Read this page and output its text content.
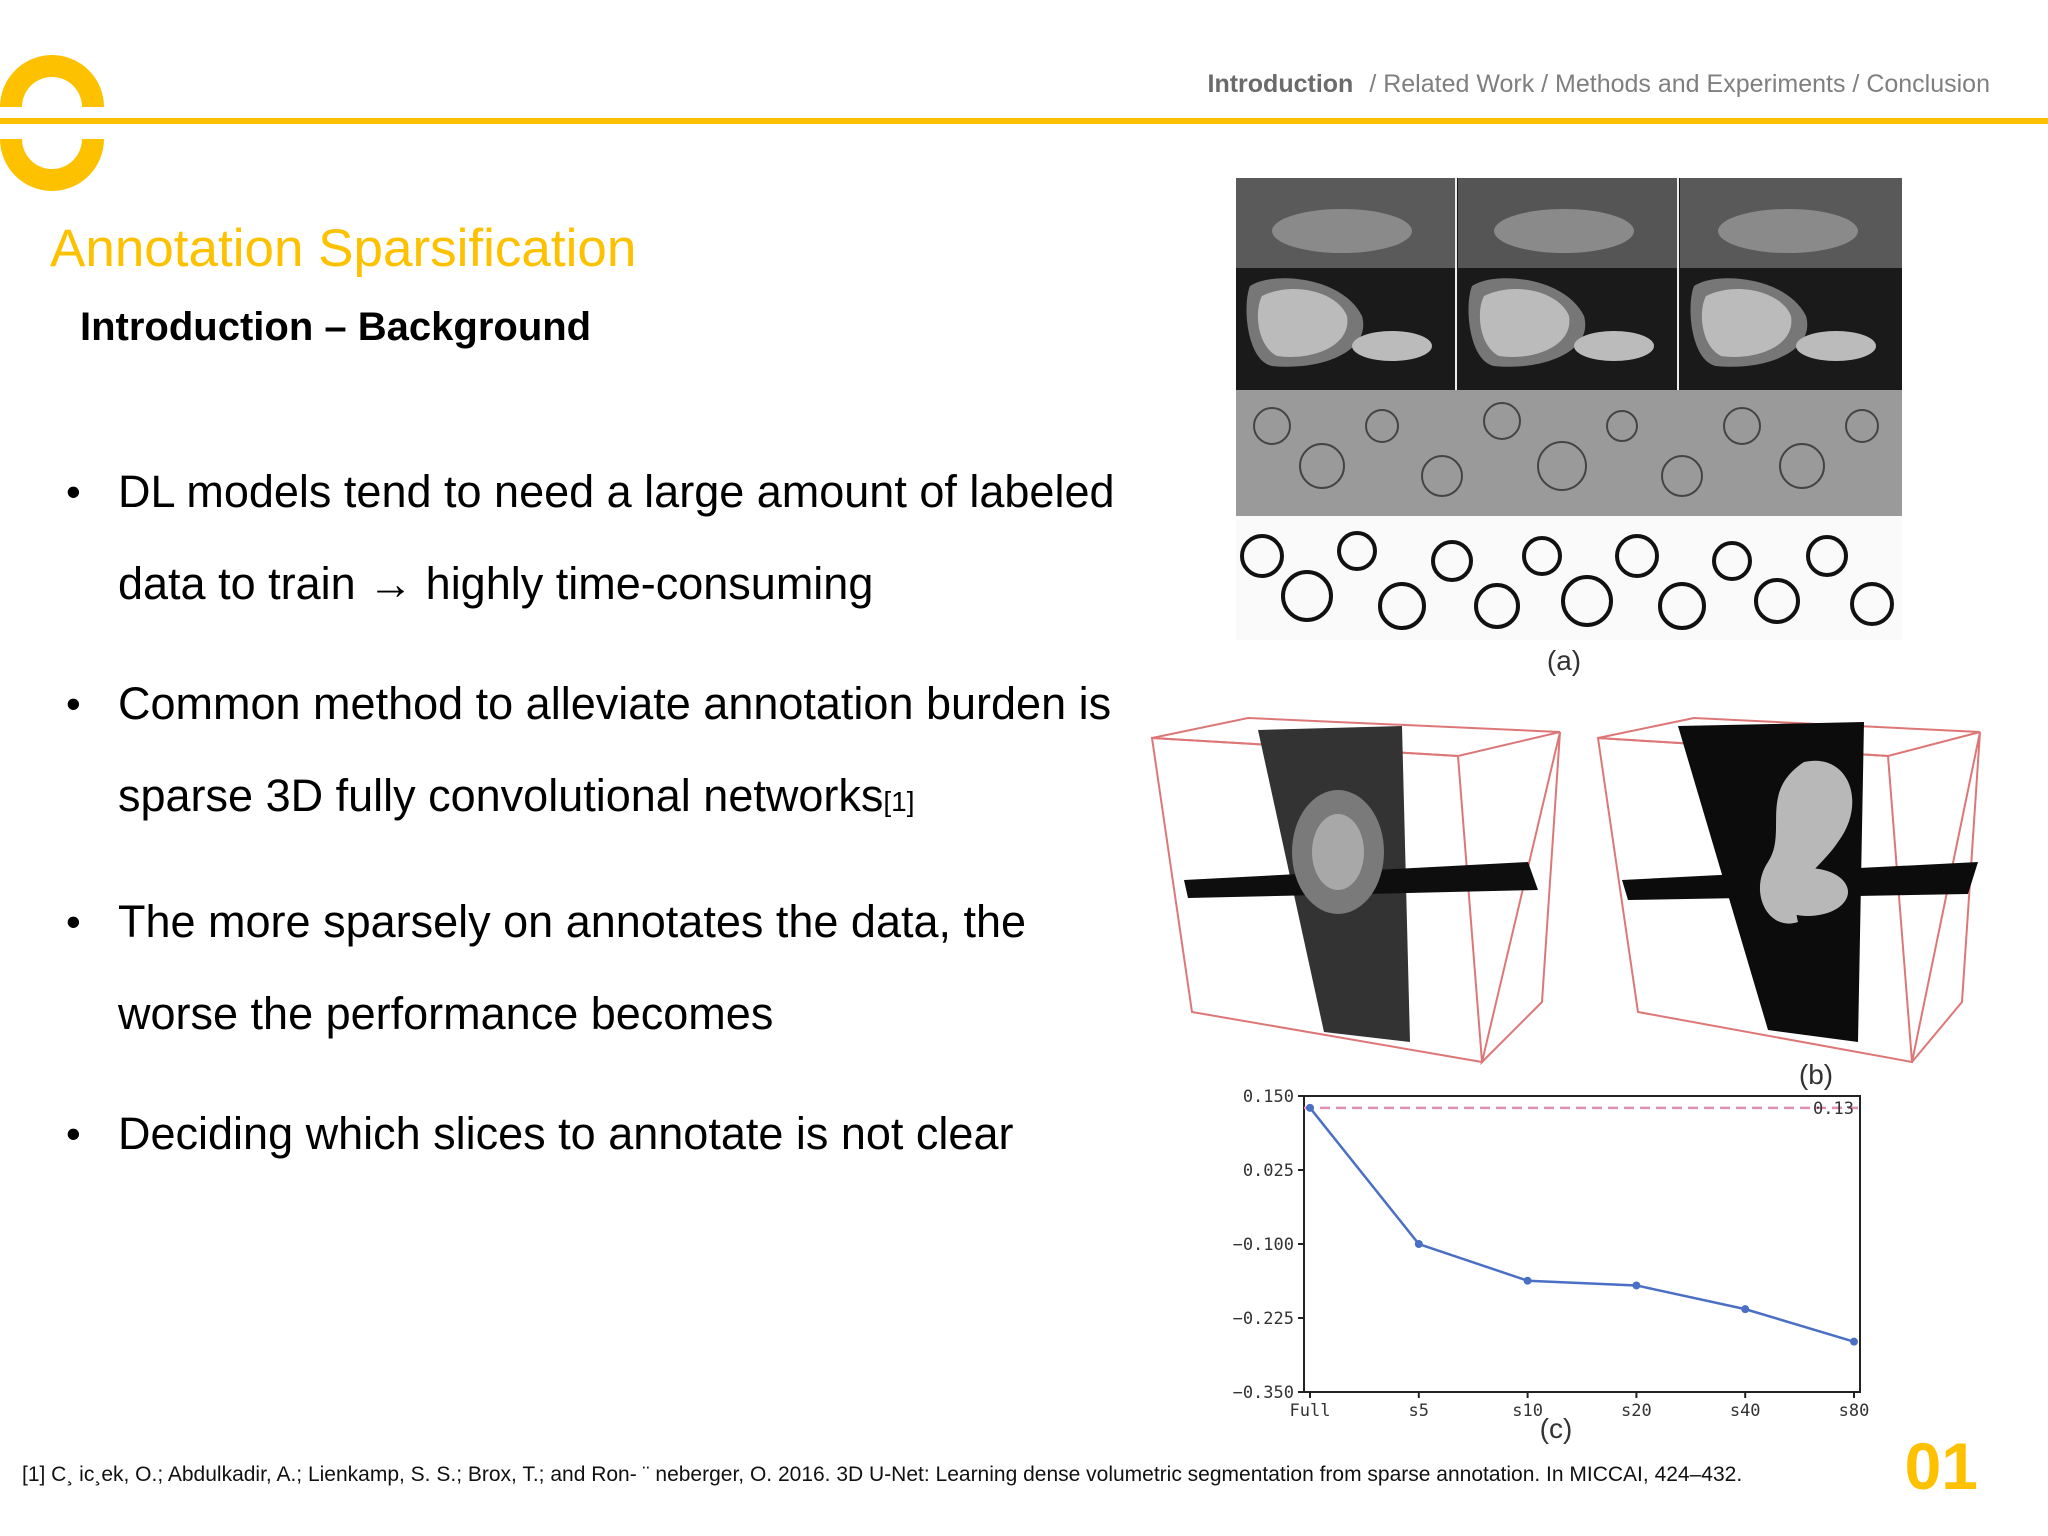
Introduction / Related Work / Methods and Experiments / Conclusion
Annotation Sparsification
Introduction – Background
• DL models tend to need a large amount of labeled data to train → highly time-consuming
• Common method to alleviate annotation burden is sparse 3D fully convolutional networks[1]
• The more sparsely on annotates the data, the worse the performance becomes
• Deciding which slices to annotate is not clear
(a)
(b)
0.150
0.025
−0.100
−0.225
−0.350
Full	s5	s10	s20	s40	s80
0.13
(c)
[1] C¸ ic¸ek, O.; Abdulkadir, A.; Lienkamp, S. S.; Brox, T.; and Ron- ¨ neberger, O. 2016. 3D U-Net: Learning dense volumetric segmentation from sparse annotation. In MICCAI, 424–432.	01
